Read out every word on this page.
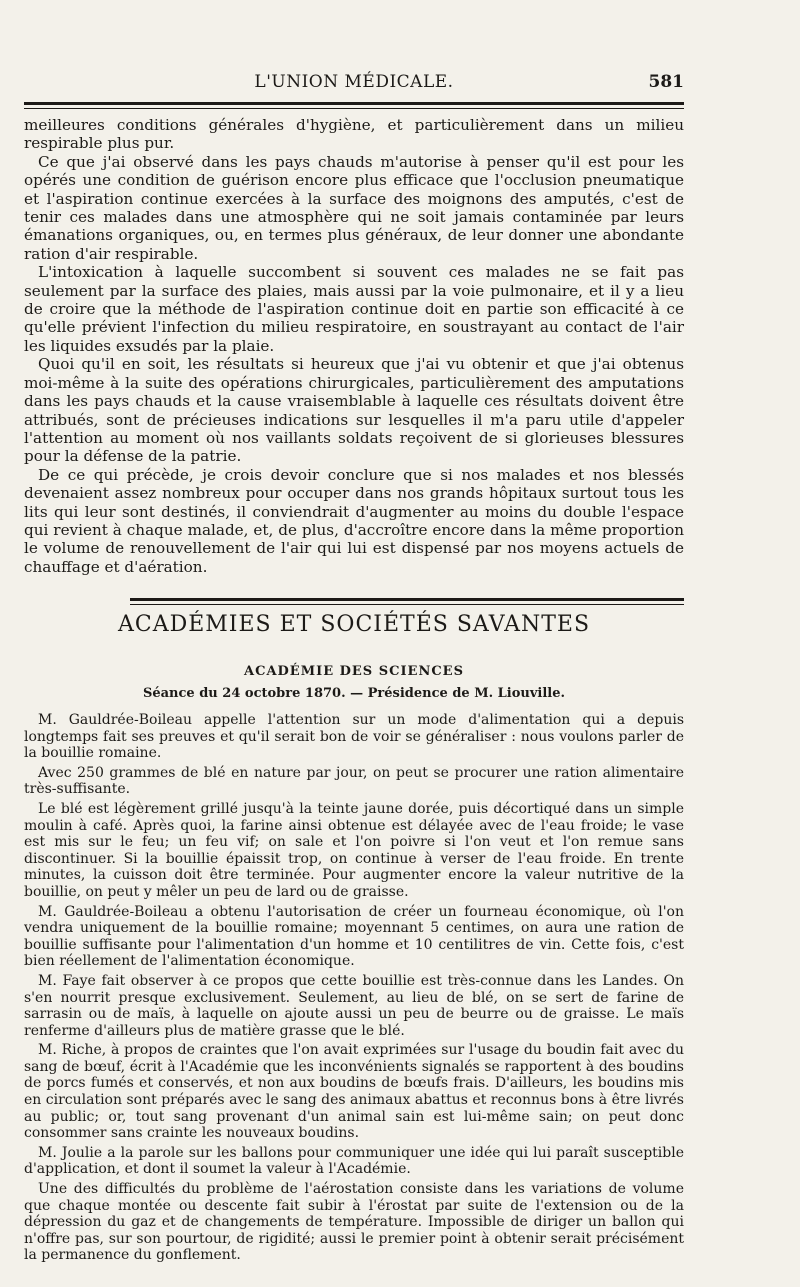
L'UNION MÉDICALE.	581

meilleures conditions générales d'hygiène, et particulièrement dans un milieu respirable plus pur.

Ce que j'ai observé dans les pays chauds m'autorise à penser qu'il est pour les opérés une condition de guérison encore plus efficace que l'occlusion pneumatique et l'aspiration continue exercées à la surface des moignons des amputés, c'est de tenir ces malades dans une atmosphère qui ne soit jamais contaminée par leurs émanations organiques, ou, en termes plus généraux, de leur donner une abondante ration d'air respirable.

L'intoxication à laquelle succombent si souvent ces malades ne se fait pas seulement par la surface des plaies, mais aussi par la voie pulmonaire, et il y a lieu de croire que la méthode de l'aspiration continue doit en partie son efficacité à ce qu'elle prévient l'infection du milieu respiratoire, en soustrayant au contact de l'air les liquides exsudés par la plaie.

Quoi qu'il en soit, les résultats si heureux que j'ai vu obtenir et que j'ai obtenus moi-même à la suite des opérations chirurgicales, particulièrement des amputations dans les pays chauds et la cause vraisemblable à laquelle ces résultats doivent être attribués, sont de précieuses indications sur lesquelles il m'a paru utile d'appeler l'attention au moment où nos vaillants soldats reçoivent de si glorieuses blessures pour la défense de la patrie.

De ce qui précède, je crois devoir conclure que si nos malades et nos blessés devenaient assez nombreux pour occuper dans nos grands hôpitaux surtout tous les lits qui leur sont destinés, il conviendrait d'augmenter au moins du double l'espace qui revient à chaque malade, et, de plus, d'accroître encore dans la même proportion le volume de renouvellement de l'air qui lui est dispensé par nos moyens actuels de chauffage et d'aération.

ACADÉMIES ET SOCIÉTÉS SAVANTES
ACADÉMIE DES SCIENCES
Séance du 24 octobre 1870. — Présidence de M. Liouville.

M. Gauldrée-Boileau appelle l'attention sur un mode d'alimentation qui a depuis longtemps fait ses preuves et qu'il serait bon de voir se généraliser : nous voulons parler de la bouillie romaine.

Avec 250 grammes de blé en nature par jour, on peut se procurer une ration alimentaire très-suffisante.

Le blé est légèrement grillé jusqu'à la teinte jaune dorée, puis décortiqué dans un simple moulin à café. Après quoi, la farine ainsi obtenue est délayée avec de l'eau froide; le vase est mis sur le feu; un feu vif; on sale et l'on poivre si l'on veut et l'on remue sans discontinuer. Si la bouillie épaissit trop, on continue à verser de l'eau froide. En trente minutes, la cuisson doit être terminée. Pour augmenter encore la valeur nutritive de la bouillie, on peut y mêler un peu de lard ou de graisse.

M. Gauldrée-Boileau a obtenu l'autorisation de créer un fourneau économique, où l'on vendra uniquement de la bouillie romaine; moyennant 5 centimes, on aura une ration de bouillie suffisante pour l'alimentation d'un homme et 10 centilitres de vin. Cette fois, c'est bien réellement de l'alimentation économique.

M. Faye fait observer à ce propos que cette bouillie est très-connue dans les Landes. On s'en nourrit presque exclusivement. Seulement, au lieu de blé, on se sert de farine de sarrasin ou de maïs, à laquelle on ajoute aussi un peu de beurre ou de graisse. Le maïs renferme d'ailleurs plus de matière grasse que le blé.

M. Riche, à propos de craintes que l'on avait exprimées sur l'usage du boudin fait avec du sang de bœuf, écrit à l'Académie que les inconvénients signalés se rapportent à des boudins de porcs fumés et conservés, et non aux boudins de bœufs frais. D'ailleurs, les boudins mis en circulation sont préparés avec le sang des animaux abattus et reconnus bons à être livrés au public; or, tout sang provenant d'un animal sain est lui-même sain; on peut donc consommer sans crainte les nouveaux boudins.

M. Joulie a la parole sur les ballons pour communiquer une idée qui lui paraît susceptible d'application, et dont il soumet la valeur à l'Académie.

Une des difficultés du problème de l'aérostation consiste dans les variations de volume que chaque montée ou descente fait subir à l'érostat par suite de l'extension ou de la dépression du gaz et de changements de température. Impossible de diriger un ballon qui n'offre pas, sur son pourtour, de rigidité; aussi le premier point à obtenir serait précisément la permanence du gonflement.
